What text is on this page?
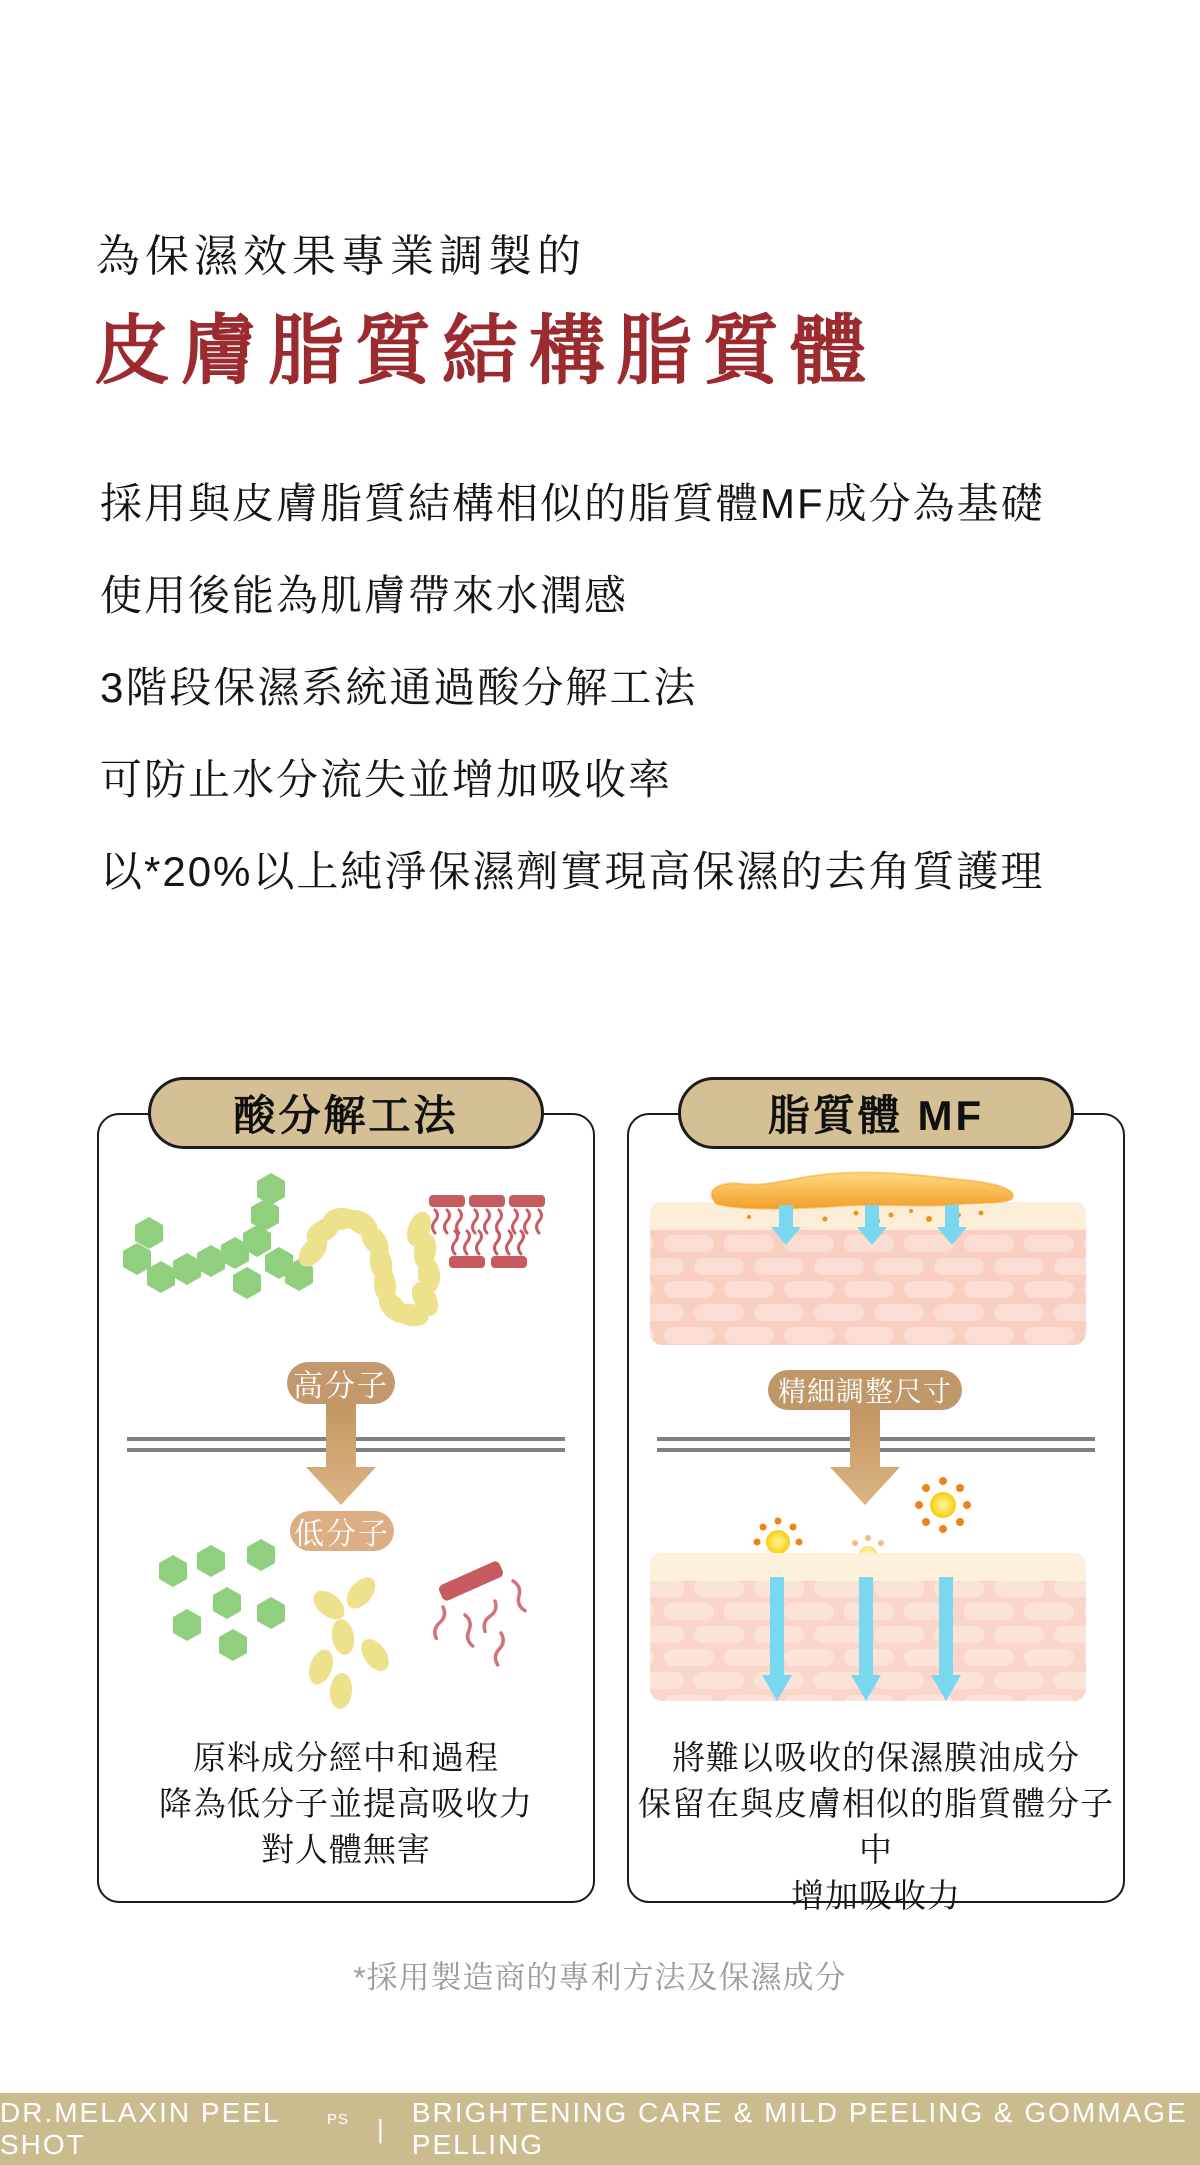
為保濕效果專業調製的
皮膚脂質結構脂質體
採用與皮膚脂質結構相似的脂質體MF成分為基礎
使用後能為肌膚帶來水潤感
3階段保濕系統通過酸分解工法
可防止水分流失並增加吸收率
以*20%以上純淨保濕劑實現高保濕的去角質護理
酸分解工法
高分子
低分子
原料成分經中和過程
降為低分子並提高吸收力
對人體無害
脂質體 MF
精細調整尺寸
將難以吸收的保濕膜油成分
保留在與皮膚相似的脂質體分子中
增加吸收力
*採用製造商的專利方法及保濕成分
DR.MELAXIN PEEL SHOT
PS |
BRIGHTENING CARE & MILD PEELING & GOMMAGE PELLING
